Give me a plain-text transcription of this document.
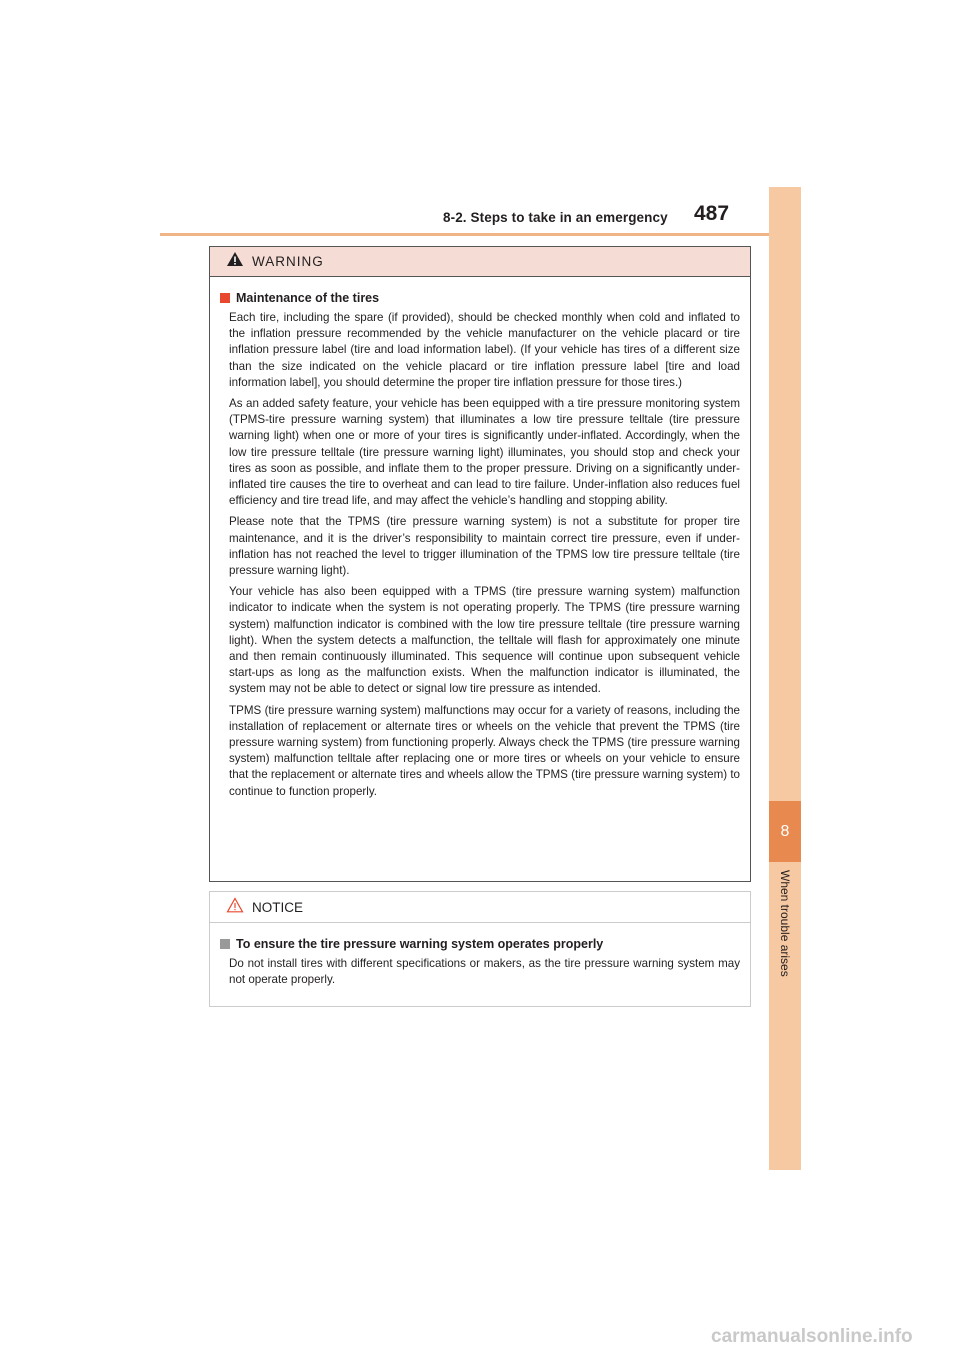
8-2. Steps to take in an emergency	487
8
When trouble arises
WARNING
Maintenance of the tires

Each tire, including the spare (if provided), should be checked monthly when cold and inflated to the inflation pressure recommended by the vehicle manufacturer on the vehicle placard or tire inflation pressure label (tire and load information label). (If your vehicle has tires of a different size than the size indicated on the vehicle placard or tire inflation pressure label [tire and load information label], you should determine the proper tire inflation pressure for those tires.)

As an added safety feature, your vehicle has been equipped with a tire pressure monitoring system (TPMS-tire pressure warning system) that illuminates a low tire pressure telltale (tire pressure warning light) when one or more of your tires is significantly under-inflated. Accordingly, when the low tire pressure telltale (tire pressure warning light) illuminates, you should stop and check your tires as soon as possible, and inflate them to the proper pressure. Driving on a significantly under-inflated tire causes the tire to overheat and can lead to tire failure. Under-inflation also reduces fuel efficiency and tire tread life, and may affect the vehicle’s handling and stopping ability.

Please note that the TPMS (tire pressure warning system) is not a substitute for proper tire maintenance, and it is the driver’s responsibility to maintain correct tire pressure, even if under-inflation has not reached the level to trigger illumination of the TPMS low tire pressure telltale (tire pressure warning light).

Your vehicle has also been equipped with a TPMS (tire pressure warning system) malfunction indicator to indicate when the system is not operating properly. The TPMS (tire pressure warning system) malfunction indicator is combined with the low tire pressure telltale (tire pressure warning light). When the system detects a malfunction, the telltale will flash for approximately one minute and then remain continuously illuminated. This sequence will continue upon subsequent vehicle start-ups as long as the malfunction exists. When the malfunction indicator is illuminated, the system may not be able to detect or signal low tire pressure as intended.

TPMS (tire pressure warning system) malfunctions may occur for a variety of reasons, including the installation of replacement or alternate tires or wheels on the vehicle that prevent the TPMS (tire pressure warning system) from functioning properly. Always check the TPMS (tire pressure warning system) malfunction telltale after replacing one or more tires or wheels on your vehicle to ensure that the replacement or alternate tires and wheels allow the TPMS (tire pressure warning system) to continue to function properly.

NOTICE
To ensure the tire pressure warning system operates properly

Do not install tires with different specifications or makers, as the tire pressure warning system may not operate properly.

carmanualsonline.info
